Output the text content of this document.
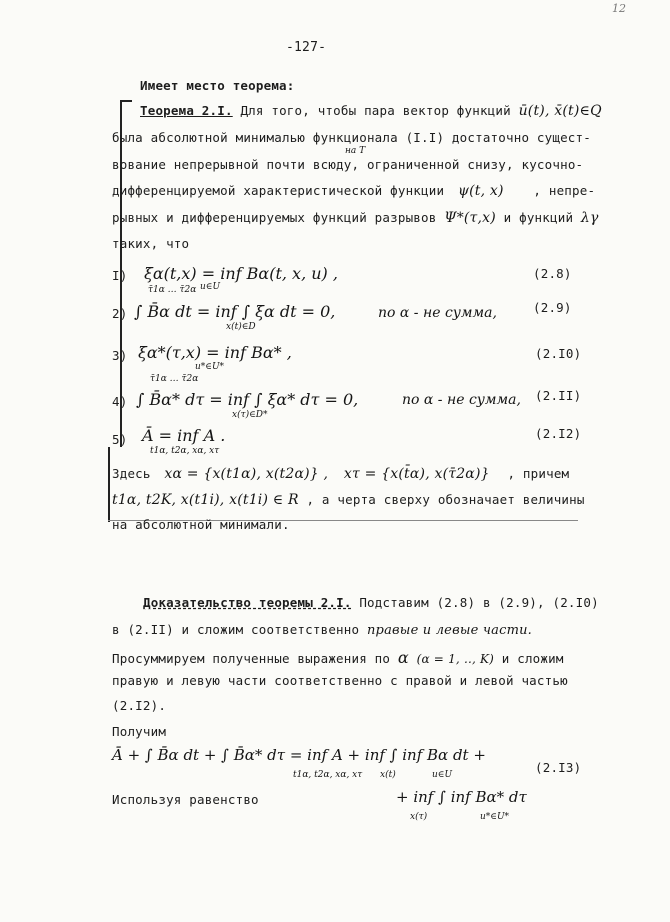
12
-127-
Имеет место теорема:
Теорема 2.I. Для того, чтобы пара вектор функций ū(t), x̄(t)∈Q
была абсолютной минималью функционала (I.I) достаточно сущест-
на T
вование непрерывной почти всюду, ограниченной снизу, кусочно-
дифференцируемой характеристической функции ψ(t, x) , непре-
рывных и дифференцируемых функций разрывов Ψ*(τ,x) и функций λγ
таких, что
I) ξα(t,x) = inf Bα(t, x, u) ,
u∈U
(2.8)
2)
τ̄1α … τ̄2α
∫ B̄α dt = inf ∫ ξα dt = 0,
x(t)∈D
по α - не сумма,	(2.9)
3) ξα*(τ,x) = inf Bα* ,
u*∈U*
(2.I0)
4)
τ̄1α … τ̄2α
∫ B̄α* dτ = inf ∫ ξα* dτ = 0,
x(τ)∈D*
по α - не сумма, (2.II)
5) Ā = inf A .
t1α, t2α, xα, xτ
(2.I2)
Здесь xα = {x(t1α), x(t2α)} , xτ = {x(t̄α), x(τ̄2α)} , причем
t1α, t2K, x(t1i), x(t1i) ∈ R , а черта сверху обозначает величины
на абсолютной минимали.
Доказательство теоремы 2.I. Подставим (2.8) в (2.9), (2.I0)
в (2.II) и сложим соответственно правые и левые части.
Просуммируем полученные выражения по α (α = 1, .., K) и сложим
правую и левую части соответственно с правой и левой частью
(2.I2).
Получим
Ā + ∫ B̄α dt + ∫ B̄α* dτ = inf A + inf ∫ inf Bα dt +
t1α, t2α, xα, xτ x(t)	u∈U	(2.I3)
+ inf ∫ inf Bα* dτ
x(τ)	u*∈U*
Используя равенство
